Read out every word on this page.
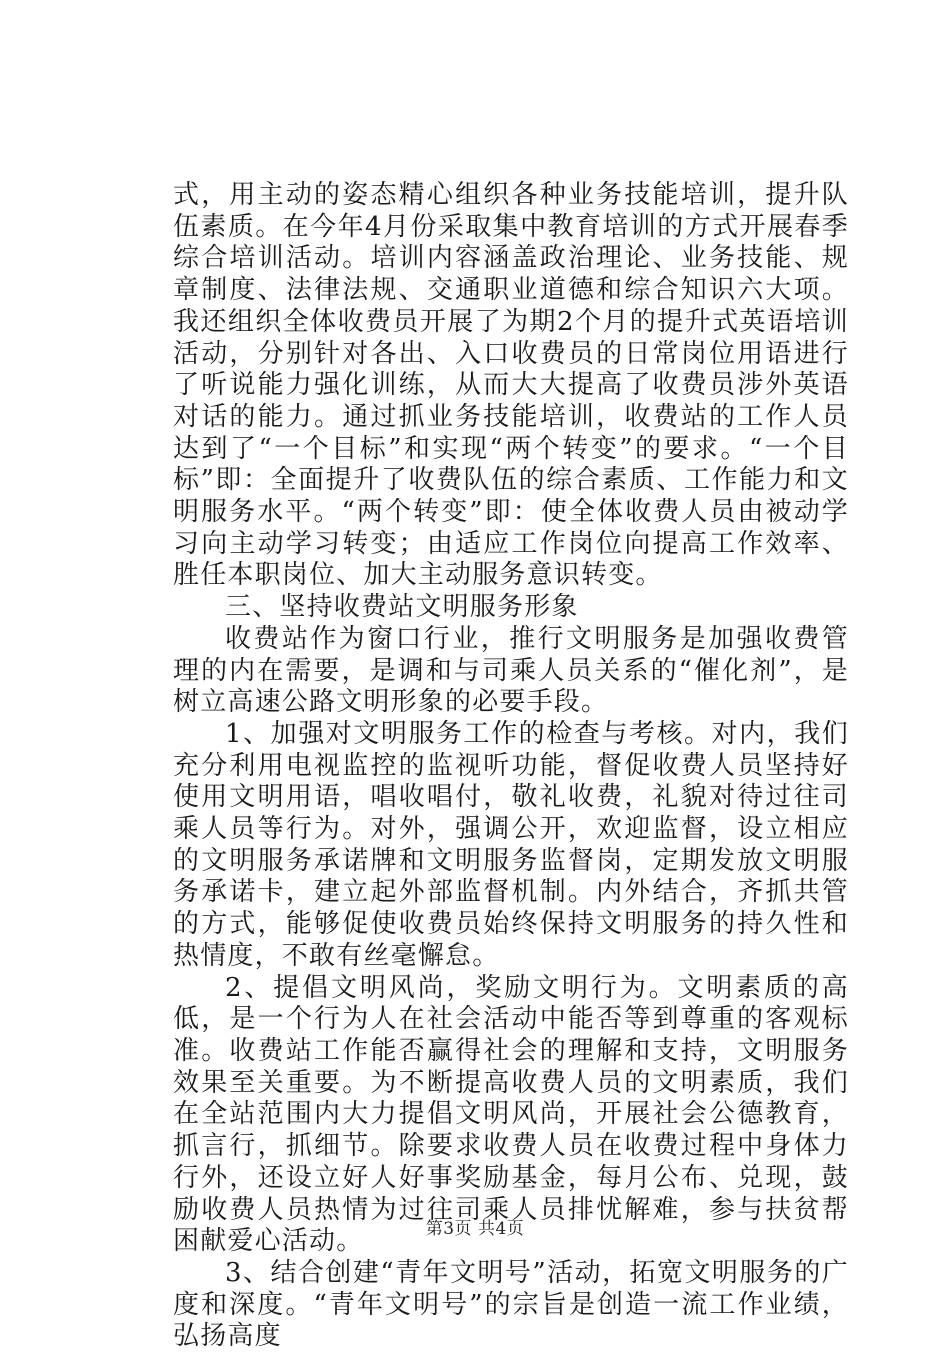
式，用主动的姿态精心组织各种业务技能培训，提升队伍素质。在今年4月份采取集中教育培训的方式开展春季综合培训活动。培训内容涵盖政治理论、业务技能、规章制度、法律法规、交通职业道德和综合知识六大项。我还组织全体收费员开展了为期2个月的提升式英语培训活动，分别针对各出、入口收费员的日常岗位用语进行了听说能力强化训练，从而大大提高了收费员涉外英语对话的能力。通过抓业务技能培训，收费站的工作人员达到了“一个目标”和实现“两个转变”的要求。“一个目标”即：全面提升了收费队伍的综合素质、工作能力和文明服务水平。“两个转变”即：使全体收费人员由被动学习向主动学习转变；由适应工作岗位向提高工作效率、胜任本职岗位、加大主动服务意识转变。

三、坚持收费站文明服务形象

收费站作为窗口行业，推行文明服务是加强收费管理的内在需要，是调和与司乘人员关系的“催化剂”，是树立高速公路文明形象的必要手段。

1、加强对文明服务工作的检查与考核。对内，我们充分利用电视监控的监视听功能，督促收费人员坚持好使用文明用语，唱收唱付，敬礼收费，礼貌对待过往司乘人员等行为。对外，强调公开，欢迎监督，设立相应的文明服务承诺牌和文明服务监督岗，定期发放文明服务承诺卡，建立起外部监督机制。内外结合，齐抓共管的方式，能够促使收费员始终保持文明服务的持久性和热情度，不敢有丝毫懈怠。

2、提倡文明风尚，奖励文明行为。文明素质的高低，是一个行为人在社会活动中能否等到尊重的客观标准。收费站工作能否赢得社会的理解和支持，文明服务效果至关重要。为不断提高收费人员的文明素质，我们在全站范围内大力提倡文明风尚，开展社会公德教育，抓言行，抓细节。除要求收费人员在收费过程中身体力行外，还设立好人好事奖励基金，每月公布、兑现，鼓励收费人员热情为过往司乘人员排忧解难，参与扶贫帮困献爱心活动。

3、结合创建“青年文明号”活动，拓宽文明服务的广度和深度。“青年文明号”的宗旨是创造一流工作业绩，弘扬高度

第3页 共4页
